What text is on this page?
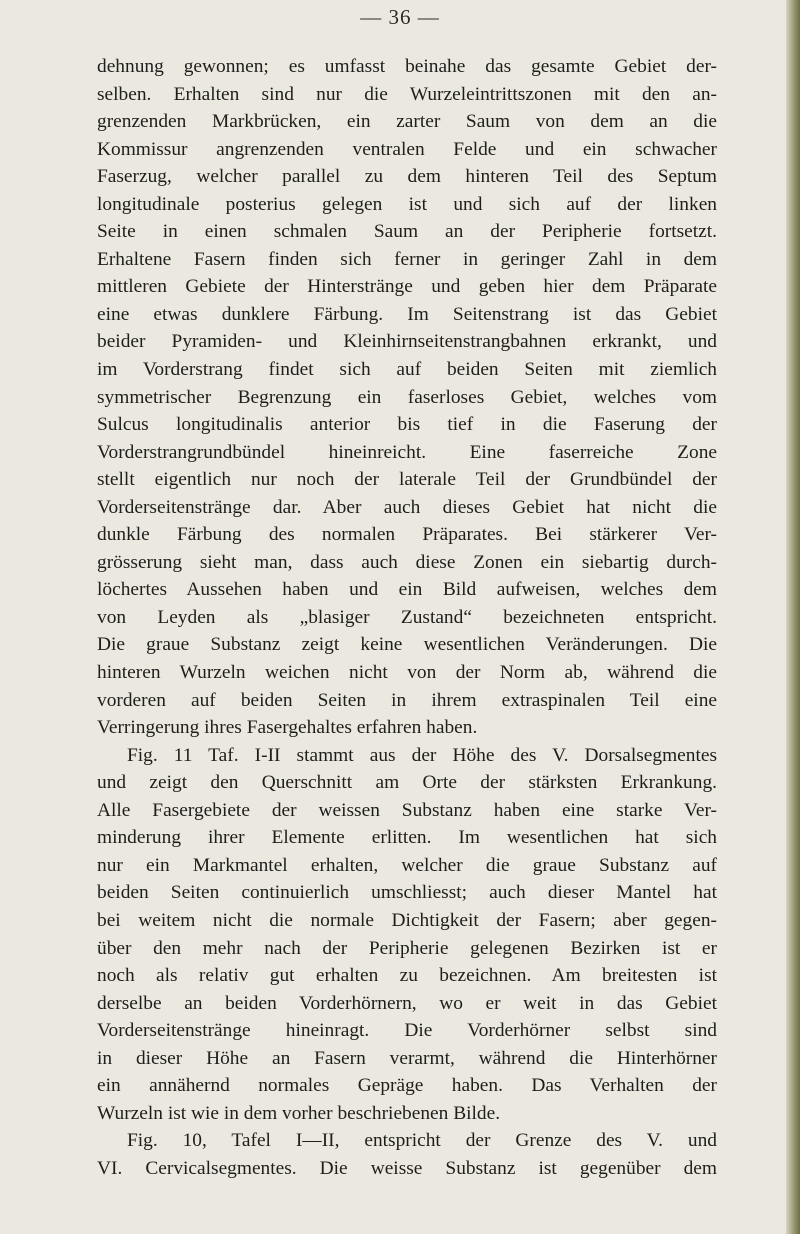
— 36 —
dehnung gewonnen; es umfasst beinahe das gesamte Gebiet der-
selben. Erhalten sind nur die Wurzeleintrittszonen mit den an-
grenzenden Markbrücken, ein zarter Saum von dem an die
Kommissur angrenzenden ventralen Felde und ein schwacher
Faserzug, welcher parallel zu dem hinteren Teil des Septum
longitudinale posterius gelegen ist und sich auf der linken
Seite in einen schmalen Saum an der Peripherie fortsetzt.
Erhaltene Fasern finden sich ferner in geringer Zahl in dem
mittleren Gebiete der Hinterstränge und geben hier dem Präparate
eine etwas dunklere Färbung. Im Seitenstrang ist das Gebiet
beider Pyramiden- und Kleinhirnseitenstrangbahnen erkrankt, und
im Vorderstrang findet sich auf beiden Seiten mit ziemlich
symmetrischer Begrenzung ein faserloses Gebiet, welches vom
Sulcus longitudinalis anterior bis tief in die Faserung der
Vorderstrangrundbündel hineinreicht. Eine faserreiche Zone
stellt eigentlich nur noch der laterale Teil der Grundbündel der
Vorderseitenstränge dar. Aber auch dieses Gebiet hat nicht die
dunkle Färbung des normalen Präparates. Bei stärkerer Ver-
grösserung sieht man, dass auch diese Zonen ein siebartig durch-
löchertes Aussehen haben und ein Bild aufweisen, welches dem
von Leyden als „blasiger Zustand“ bezeichneten entspricht.
Die graue Substanz zeigt keine wesentlichen Veränderungen. Die
hinteren Wurzeln weichen nicht von der Norm ab, während die
vorderen auf beiden Seiten in ihrem extraspinalen Teil eine
Verringerung ihres Fasergehaltes erfahren haben.
Fig. 11 Taf. I-II stammt aus der Höhe des V. Dorsalsegmentes
und zeigt den Querschnitt am Orte der stärksten Erkrankung.
Alle Fasergebiete der weissen Substanz haben eine starke Ver-
minderung ihrer Elemente erlitten. Im wesentlichen hat sich
nur ein Markmantel erhalten, welcher die graue Substanz auf
beiden Seiten continuierlich umschliesst; auch dieser Mantel hat
bei weitem nicht die normale Dichtigkeit der Fasern; aber gegen-
über den mehr nach der Peripherie gelegenen Bezirken ist er
noch als relativ gut erhalten zu bezeichnen. Am breitesten ist
derselbe an beiden Vorderhörnern, wo er weit in das Gebiet
Vorderseitenstränge hineinragt. Die Vorderhörner selbst sind
in dieser Höhe an Fasern verarmt, während die Hinterhörner
ein annähernd normales Gepräge haben. Das Verhalten der
Wurzeln ist wie in dem vorher beschriebenen Bilde.
Fig. 10, Tafel I—II, entspricht der Grenze des V. und
VI. Cervicalsegmentes. Die weisse Substanz ist gegenüber dem
